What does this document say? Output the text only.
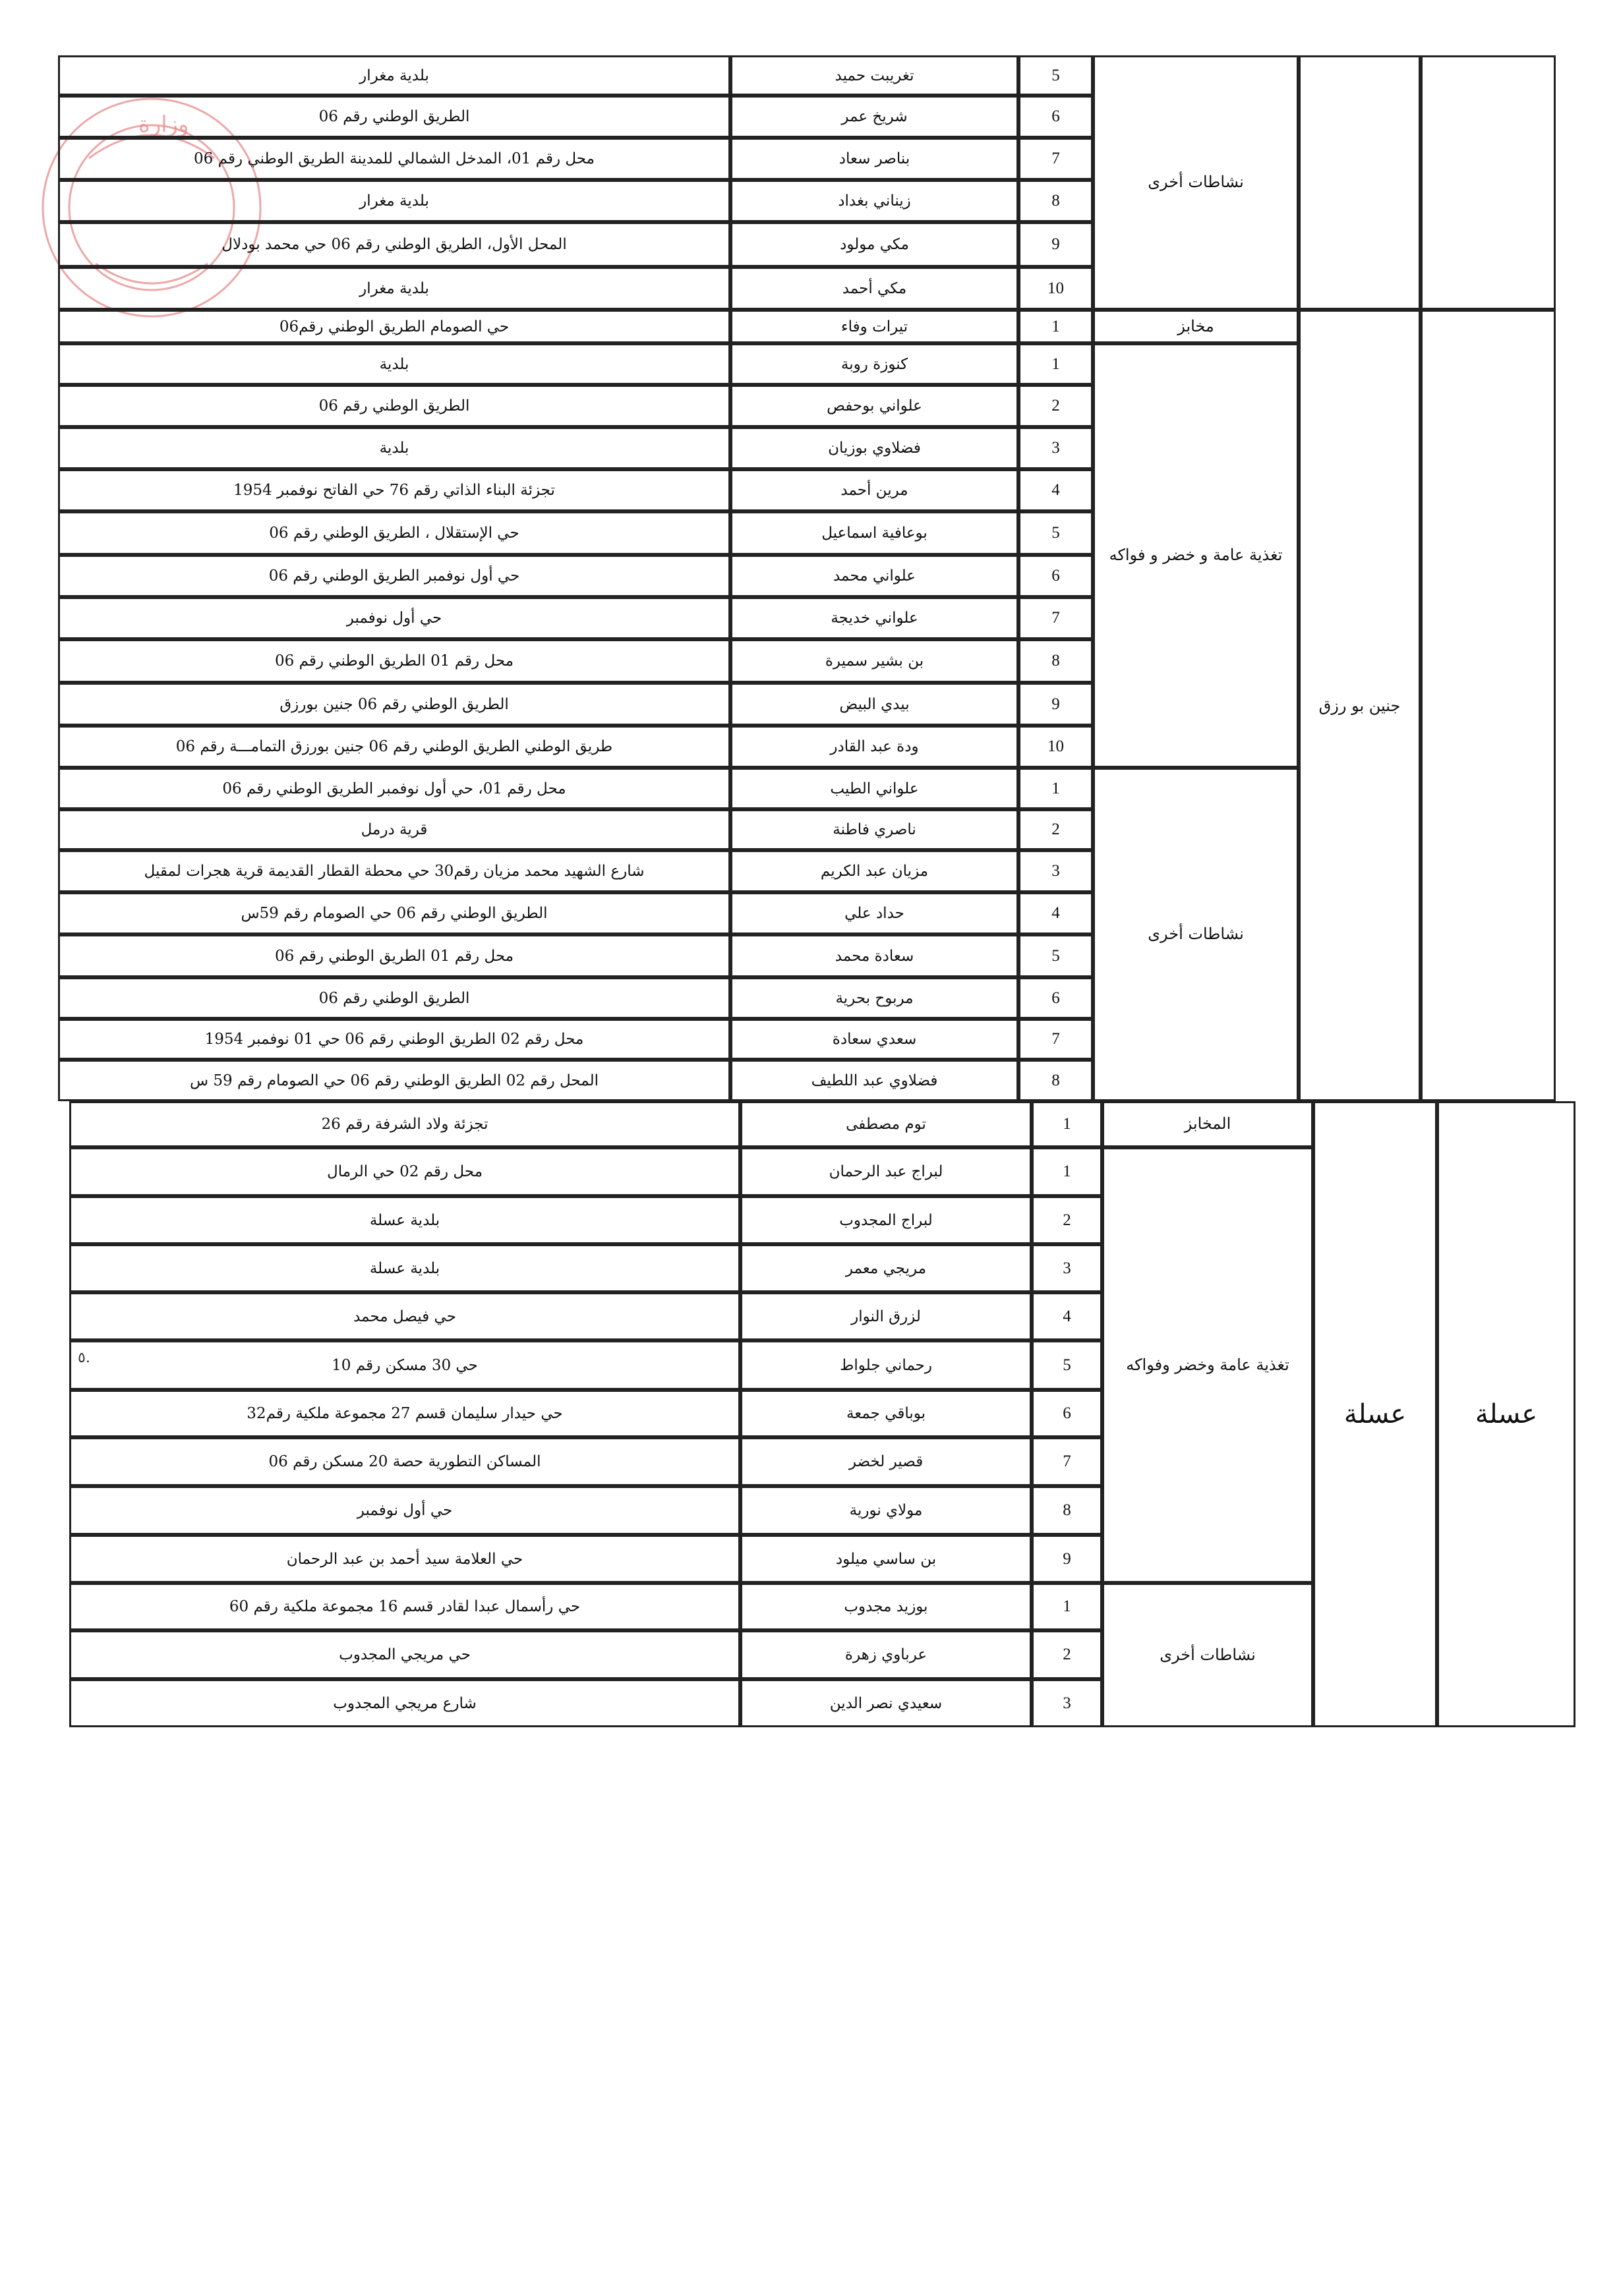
وزارة
بلدية مغرار	تغريبت حميد	5
الطريق الوطني رقم 06	شريخ عمر	6
محل رقم 01، المدخل الشمالي للمدينة الطريق الوطني رقم 06	بناصر سعاد	7
بلدية مغرار	زيناني بغداد	8
المحل الأول، الطريق الوطني رقم 06 حي محمد بودلال	مكي مولود	9
بلدية مغرار	مكي أحمد	10
نشاطات أخرى
حي الصومام الطريق الوطني رقم06	تيرات وفاء	1	مخابز
بلدية	كنوزة روبة	1
الطريق الوطني رقم 06	علواني بوحفص	2
بلدية	فضلاوي بوزيان	3
تجزئة البناء الذاتي رقم 76 حي الفاتح نوفمبر 1954	مرين أحمد	4
حي الإستقلال ، الطريق الوطني رقم 06	بوعافية اسماعيل	5
حي أول نوفمبر الطريق الوطني رقم 06	علواني محمد	6
حي أول نوفمبر	علواني خديجة	7
محل رقم 01 الطريق الوطني رقم 06	بن بشير سميرة	8
الطريق الوطني رقم 06 جنين بورزق	بيدي البيض	9
طريق الوطني الطريق الوطني رقم 06 جنين بورزق التمامـــة رقم 06	ودة عبد القادر	10
تغذية عامة و خضر و فواكه
محل رقم 01، حي أول نوفمبر الطريق الوطني رقم 06	علواني الطيب	1
قرية درمل	ناصري فاطنة	2
شارع الشهيد محمد مزيان رقم30 حي محطة القطار القديمة قرية هجرات لمقيل	مزيان عبد الكريم	3
الطريق الوطني رقم 06 حي الصومام رقم 59س	حداد علي	4
محل رقم 01 الطريق الوطني رقم 06	سعادة محمد	5
الطريق الوطني رقم 06	مربوح بحرية	6
محل رقم 02 الطريق الوطني رقم 06 حي 01 نوفمبر 1954	سعدي سعادة	7
المحل رقم 02 الطريق الوطني رقم 06 حي الصومام رقم 59 س	فضلاوي عبد اللطيف	8
نشاطات أخرى
جنين بو رزق
تجزئة ولاد الشرفة رقم 26	توم مصطفى	1	المخابز
محل رقم 02 حي الرمال	لبراج عبد الرحمان	1
بلدية عسلة	لبراج المجدوب	2
بلدية عسلة	مريجي معمر	3
حي فيصل محمد	لزرق النوار	4
حي 30 مسكن رقم 10	رحماني جلواط	5
حي حيدار سليمان قسم 27 مجموعة ملكية رقم32	بوباقي جمعة	6
المساكن التطورية حصة 20 مسكن رقم 06	قصير لخضر	7
حي أول نوفمبر	مولاي نورية	8
حي العلامة سيد أحمد بن عبد الرحمان	بن ساسي ميلود	9
تغذية عامة وخضر وفواكه
حي رأسمال عبدا لقادر قسم 16 مجموعة ملكية رقم 60	بوزيد مجدوب	1
حي مريجي المجدوب	عرباوي زهرة	2
شارع مريجي المجدوب	سعيدي نصر الدين	3
نشاطات أخرى
عسلة	عسلة
٥.
